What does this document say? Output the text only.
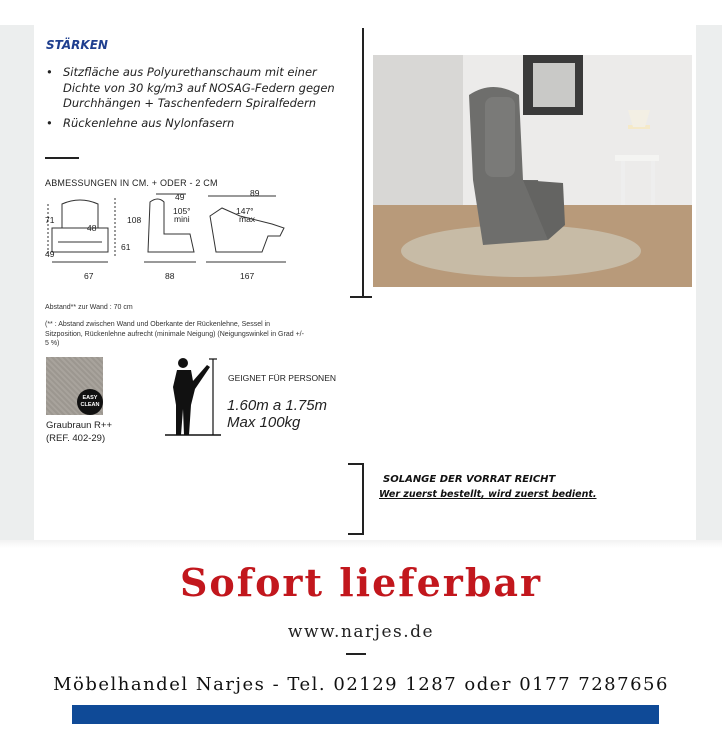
STÄRKEN
• Sitzfläche aus Polyurethanschaum mit einer Dichte von 30 kg/m3 auf NOSAG-Federn gegen Durchhängen + Taschenfedern Spiralfedern
• Rückenlehne aus Nylonfasern
ABMESSUNGEN IN CM. + ODER - 2 CM
71
48
49
61
67
108
49
105°
mini
88
89
147°
max
167
Abstand** zur Wand : 70 cm
(** : Abstand zwischen Wand und Oberkante der Rückenlehne, Sessel in Sitzposition, Rückenlehne aufrecht (minimale Neigung) (Neigungswinkel in Grad +/- 5 %)
EASY
CLEAN
Graubraun R++
(REF. 402-29)
GEIGNET FÜR PERSONEN
1.60m a 1.75m
Max 100kg
SOLANGE DER VORRAT REICHT
Wer zuerst bestellt, wird zuerst bedient.
Sofort lieferbar
www.narjes.de
Möbelhandel Narjes - Tel. 02129 1287 oder 0177 7287656
